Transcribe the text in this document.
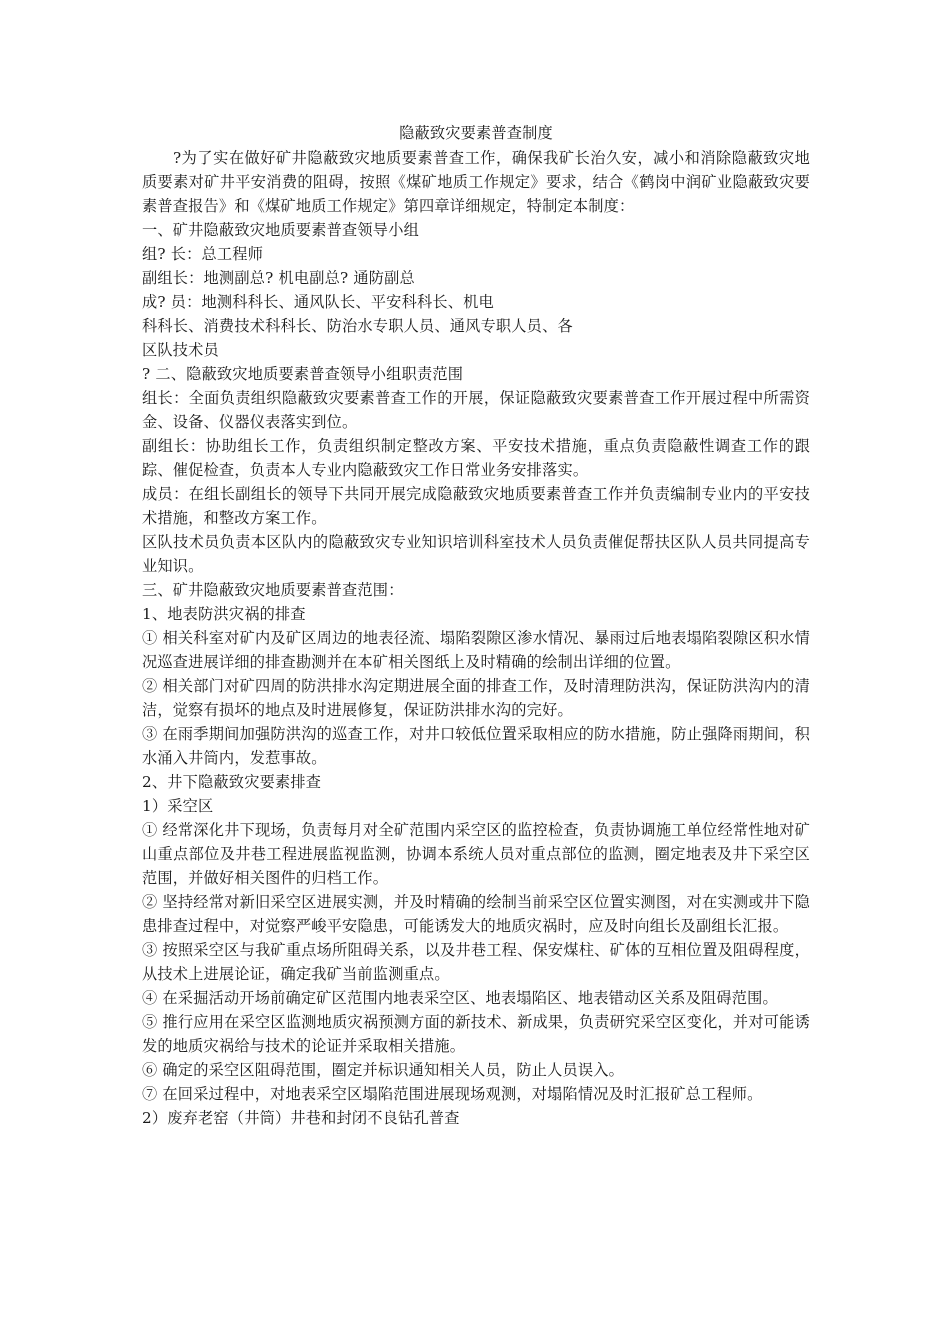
隐蔽致灾要素普查制度

?为了实在做好矿井隐蔽致灾地质要素普查工作，确保我矿长治久安，减小和消除隐蔽致灾地质要素对矿井平安消费的阻碍，按照《煤矿地质工作规定》要求，结合《鹤岗中润矿业隐蔽致灾要素普查报告》和《煤矿地质工作规定》第四章详细规定，特制定本制度：

一、矿井隐蔽致灾地质要素普查领导小组

组? 长：总工程师

副组长：地测副总? 机电副总? 通防副总

成? 员：地测科科长、通风队长、平安科科长、机电

科科长、消费技术科科长、防治水专职人员、通风专职人员、各

区队技术员

? 二、隐蔽致灾地质要素普查领导小组职责范围

组长：全面负责组织隐蔽致灾要素普查工作的开展，保证隐蔽致灾要素普查工作开展过程中所需资金、设备、仪器仪表落实到位。

副组长：协助组长工作，负责组织制定整改方案、平安技术措施，重点负责隐蔽性调查工作的跟踪、催促检查，负责本人专业内隐蔽致灾工作日常业务安排落实。

成员：在组长副组长的领导下共同开展完成隐蔽致灾地质要素普查工作并负责编制专业内的平安技术措施，和整改方案工作。

区队技术员负责本区队内的隐蔽致灾专业知识培训科室技术人员负责催促帮扶区队人员共同提高专业知识。

三、矿井隐蔽致灾地质要素普查范围：

1、地表防洪灾祸的排查

① 相关科室对矿内及矿区周边的地表径流、塌陷裂隙区渗水情况、暴雨过后地表塌陷裂隙区积水情况巡查进展详细的排查勘测并在本矿相关图纸上及时精确的绘制出详细的位置。

② 相关部门对矿四周的防洪排水沟定期进展全面的排查工作，及时清理防洪沟，保证防洪沟内的清洁，觉察有损坏的地点及时进展修复，保证防洪排水沟的完好。

③ 在雨季期间加强防洪沟的巡查工作，对井口较低位置采取相应的防水措施，防止强降雨期间，积水涌入井筒内，发惹事故。

2、井下隐蔽致灾要素排查

1）采空区

① 经常深化井下现场，负责每月对全矿范围内采空区的监控检查，负责协调施工单位经常性地对矿山重点部位及井巷工程进展监视监测，协调本系统人员对重点部位的监测，圈定地表及井下采空区范围，并做好相关图件的归档工作。

② 坚持经常对新旧采空区进展实测，并及时精确的绘制当前采空区位置实测图，对在实测或井下隐患排查过程中，对觉察严峻平安隐患，可能诱发大的地质灾祸时，应及时向组长及副组长汇报。

③ 按照采空区与我矿重点场所阻碍关系，以及井巷工程、保安煤柱、矿体的互相位置及阻碍程度，从技术上进展论证，确定我矿当前监测重点。

④ 在采掘活动开场前确定矿区范围内地表采空区、地表塌陷区、地表错动区关系及阻碍范围。

⑤ 推行应用在采空区监测地质灾祸预测方面的新技术、新成果，负责研究采空区变化，并对可能诱发的地质灾祸给与技术的论证并采取相关措施。

⑥ 确定的采空区阻碍范围，圈定并标识通知相关人员，防止人员误入。

⑦ 在回采过程中，对地表采空区塌陷范围进展现场观测，对塌陷情况及时汇报矿总工程师。

2）废弃老窑（井筒）井巷和封闭不良钻孔普查
